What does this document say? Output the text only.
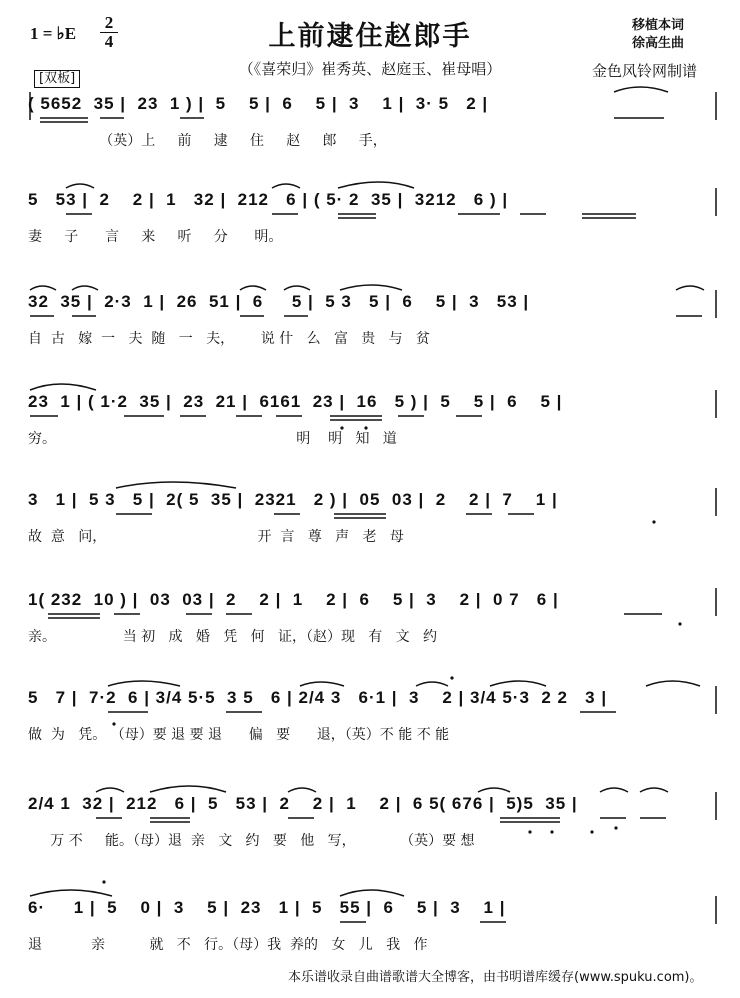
1 = ♭E $\frac{2}{4}$	上前逮住赵郎手
（《喜荣归》崔秀英、赵庭玉、崔母唱）
移植本词
徐高生曲
金色风铃网制谱
[双板]
( 5652  35 |  23  1 ) |  5    5 |  6    5 |  3    1 |  3· 5   2 |
（英）上     前     逮     住     赵     郎     手，
5   53 |  2    2 |  1   32 |  212   6 | ( 5· 2  35 |  3212   6 ) |
妻     子      言     来     听     分      明。
32  35 |  2·3  1 |  26  51 |  6     5 |  5 3   5 |  6    5 |  3   53 |
自  古   嫁  一   夫  随   一   夫，      说 什   么   富   贵   与   贫
23  1 | ( 1·2  35 |  23  21 |  6161  23 |  16   5 ) |  5    5 |  6    5 |
穷。                                                      明    明   知   道
3   1 |  5 3   5 |  2( 5  35 |  2321   2 ) |  05  03 |  2    2 |  7    1 |
故  意   问，                                  开  言   尊   声   老   母
1( 232  10 ) |  03  03 |  2    2 |  1    2 |  6    5 |  3    2 |  0 7   6 |
亲。               当 初   成   婚   凭   何   证，（赵）现   有   文   约
5   7 |  7·2  6 | 3/4 5·5  3 5   6 | 2/4 3   6·1 |  3    2 | 3/4 5·3  2 2   3 |
做  为   凭。 （母）要 退 要 退      偏   要      退，（英）不 能 不 能
2/4 1  32 |  212   6 |  5   53 |  2    2 |  1    2 |  6 5( 676 |  5)5  35 |
万 不     能。（母）退  亲   文   约   要   他   写，          （英）要 想
6·     1 |  5    0 |  3    5 |  23   1 |  5   55 |  6    5 |  3    1 |
退           亲          就   不   行。（母）我  养的   女   儿   我   作
本乐谱收录自曲谱歌谱大全博客，由书明谱库缓存(www.spuku.com)。
